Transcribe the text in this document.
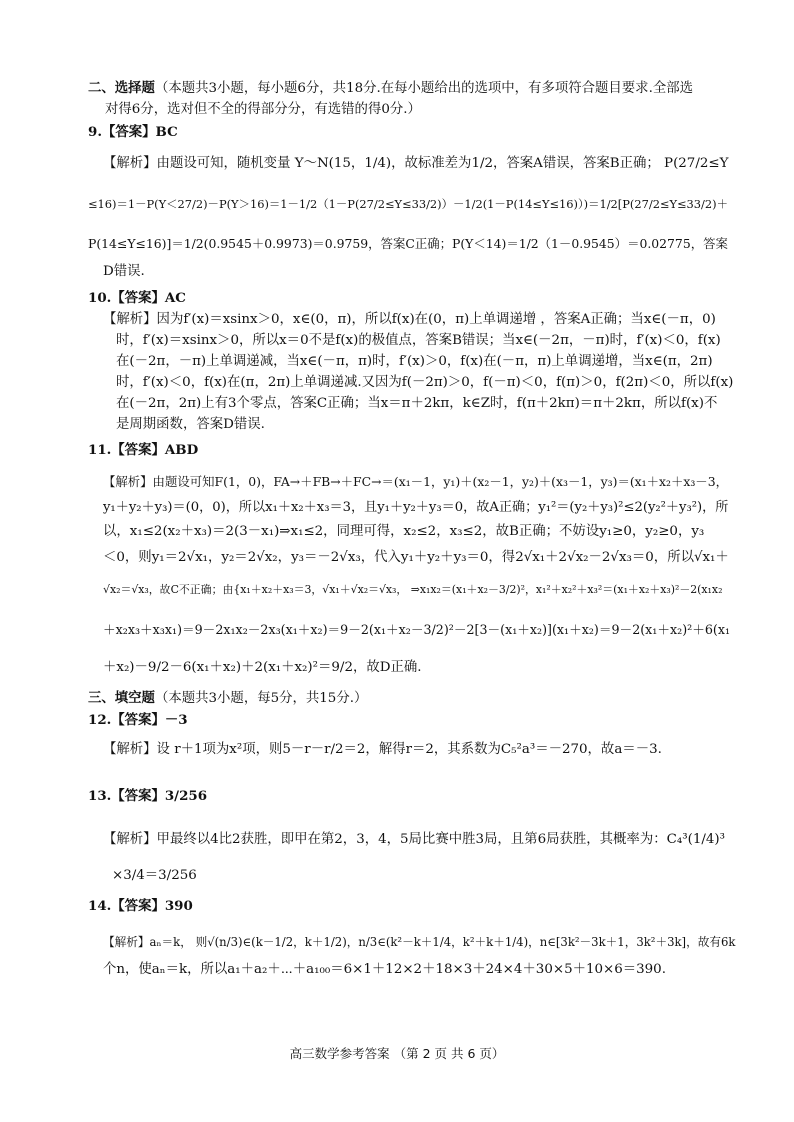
二、选择题（本题共3小题，每小题6分，共18分.在每小题给出的选项中，有多项符合题目要求.全部选
对得6分，选对但不全的得部分分，有选错的得0分.）
9.【答案】BC
【解析】由题设可知，随机变量 Y～N(15，1/4)，故标准差为1/2，答案A错误，答案B正确； P(27/2≤Y
≤16)＝1－P(Y＜27/2)－P(Y＞16)＝1－1/2（1－P(27/2≤Y≤33/2)）－1/2(1－P(14≤Y≤16)）)＝1/2[P(27/2≤Y≤33/2)＋
P(14≤Y≤16)]＝1/2(0.9545＋0.9973)＝0.9759，答案C正确；P(Y＜14)＝1/2（1－0.9545）＝0.02775，答案
D错误.
10.【答案】AC
【解析】因为f′(x)＝xsinx＞0，x∈(0，π)，所以f(x)在(0，π)上单调递增 ，答案A正确；当x∈(－π，0)
时，f′(x)＝xsinx＞0，所以x＝0不是f(x)的极值点，答案B错误；当x∈(－2π，－π)时，f′(x)＜0，f(x)
在(－2π，－π)上单调递减，当x∈(－π，π)时，f′(x)＞0，f(x)在(－π，π)上单调递增，当x∈(π，2π)
时，f′(x)＜0，f(x)在(π，2π)上单调递减.又因为f(－2π)＞0，f(－π)＜0，f(π)＞0，f(2π)＜0，所以f(x)
在(－2π，2π)上有3个零点，答案C正确；当x＝π＋2kπ，k∈Z时，f(π＋2kπ)＝π＋2kπ，所以f(x)不
是周期函数，答案D错误.
11.【答案】ABD
【解析】由题设可知F(1，0)，FA→＋FB→＋FC→＝(x₁－1，y₁)＋(x₂－1，y₂)＋(x₃－1，y₃)＝(x₁＋x₂＋x₃－3，
y₁＋y₂＋y₃)＝(0，0)，所以x₁＋x₂＋x₃＝3，且y₁＋y₂＋y₃＝0，故A正确；y₁²＝(y₂＋y₃)²≤2(y₂²＋y₃²)，所
以，x₁≤2(x₂＋x₃)＝2(3－x₁)⇒x₁≤2，同理可得，x₂≤2，x₃≤2，故B正确；不妨设y₁≥0，y₂≥0，y₃
＜0，则y₁＝2√x₁，y₂＝2√x₂，y₃＝－2√x₃，代入y₁＋y₂＋y₃＝0，得2√x₁＋2√x₂－2√x₃＝0，所以√x₁＋
√x₂＝√x₃，故C不正确；由{x₁＋x₂＋x₃＝3，√x₁＋√x₂＝√x₃， ⇒x₁x₂＝(x₁＋x₂－3/2)²，x₁²＋x₂²＋x₃²＝(x₁＋x₂＋x₃)²－2(x₁x₂
＋x₂x₃＋x₃x₁)＝9－2x₁x₂－2x₃(x₁＋x₂)＝9－2(x₁＋x₂－3/2)²－2[3－(x₁＋x₂)](x₁＋x₂)＝9－2(x₁＋x₂)²＋6(x₁
＋x₂)－9/2－6(x₁＋x₂)＋2(x₁＋x₂)²＝9/2，故D正确.
三、填空题（本题共3小题，每5分，共15分.）
12.【答案】－3
【解析】设 r＋1项为x²项，则5－r－r/2＝2，解得r＝2，其系数为C₅²a³＝－270，故a＝－3.
13.【答案】3/256
【解析】甲最终以4比2获胜，即甲在第2，3，4，5局比赛中胜3局，且第6局获胜，其概率为：C₄³(1/4)³
×3/4＝3/256
14.【答案】390
【解析】aₙ＝k， 则√(n/3)∈(k－1/2，k＋1/2)，n/3∈(k²－k＋1/4，k²＋k＋1/4)，n∈[3k²－3k＋1，3k²＋3k]，故有6k
个n，使aₙ＝k，所以a₁＋a₂＋⋯＋a₁₀₀＝6×1＋12×2＋18×3＋24×4＋30×5＋10×6＝390.
高三数学参考答案 （第 2 页 共 6 页）
